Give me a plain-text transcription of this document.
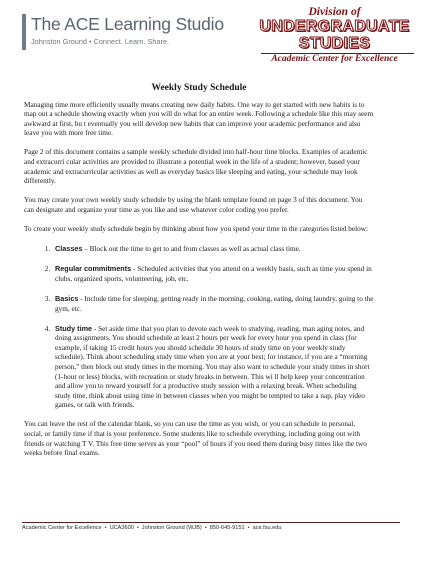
The ACE Learning Studio
Johnston Ground • Connect. Learn. Share.
Division of
UNDERGRADUATE STUDIES
Academic Center for Excellence
Weekly Study Schedule

Managing time more efficiently usually means creating new daily habits. One way to get started with new habits is to map out a schedule showing exactly when you will do what for an entire week. Following a schedule like this may seem awkward at first, bu t eventually you will develop new habits that can improve your academic performance and also leave you with more free time.

Page 2 of this document contains a sample weekly schedule divided into half-hour time blocks. Examples of academic and extracurri cular activities are provided to illustrate a potential week in the life of a student; however, based your academic and extracurricular activities as well as everyday basics like sleeping and eating, your schedule may look differently.

You may create your own weekly study schedule by using the blank template found on page 3 of this document. You can designate and organize your time as you like and use whatever color coding you prefer.

To create your weekly study schedule begin by thinking about how you spend your time in the categories listed below:

1. Classes – Block out the time to get to and from classes as well as actual class time.
2. Regular commitments - Scheduled activities that you attend on a weekly basis, such as time you spend in clubs, organized sports, volunteering, job, etc.
3. Basics - Include time for sleeping, getting ready in the morning, cooking, eating, doing laundry, going to the gym, etc.
4. Study time - Set aside time that you plan to devote each week to studying, reading, man aging notes, and doing assignments. You should schedule at least 2 hours per week for every hour you spend in class (for example, if taking 15 credit hours you should schedule 30 hours of study time on your weekly study schedule). Think about scheduling study time when you are at your best; for instance, if you are a “morning person,” then block out study times in the morning. You may also want to schedule your study times in short (1-hour or less) blocks, with recreation or study breaks in between. This wi ll help keep your concentration and allow you to reward yourself for a productive study session with a relaxing break. When scheduling study time, think about using time in between classes when you might be tempted to take a nap, play video games, or talk with friends.

You can leave the rest of the calendar blank, so you can use the time as you wish, or you can schedule in personal, social, or family time if that is your preference. Some students like to schedule everything, including going out with friends or watching T V. This free time serves as your “pool” of hours if you need them during busy times like the two weeks before final exams.

Academic Center for Excellence • UCA3600 • Johnston Ground (WJB) • 850-645-9151 • ace.fsu.edu
